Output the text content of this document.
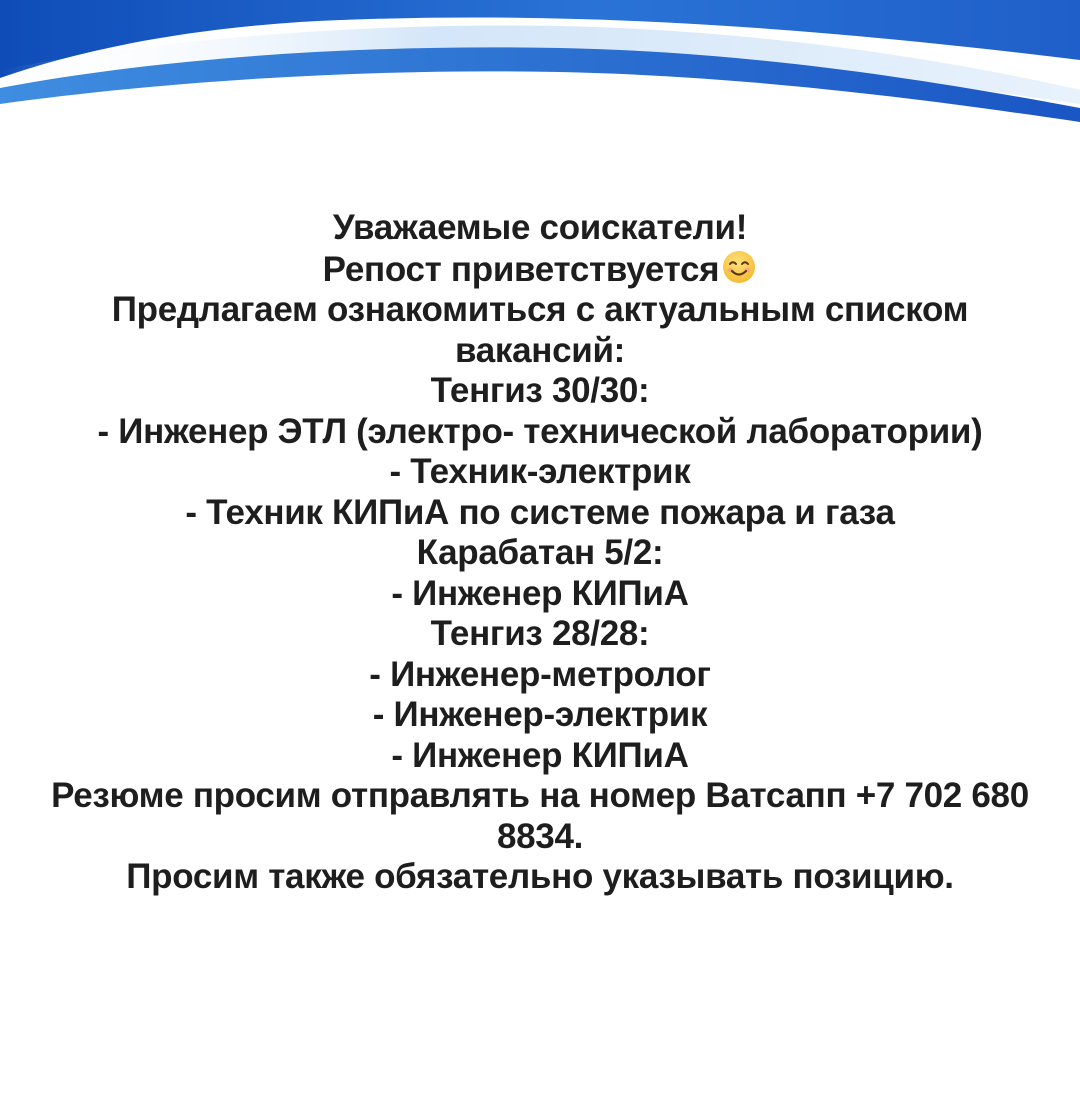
Уважаемые соискатели!
Репост приветствуется
Предлагаем ознакомиться с актуальным списком
вакансий:
Тенгиз 30/30:
- Инженер ЭТЛ (электро- технической лаборатории)
- Техник-электрик
- Техник КИПиА по системе пожара и газа
Карабатан 5/2:
- Инженер КИПиА
Тенгиз 28/28:
- Инженер-метролог
- Инженер-электрик
- Инженер КИПиА
Резюме просим отправлять на номер Ватсапп +7 702 680
8834.
Просим также обязательно указывать позицию.
